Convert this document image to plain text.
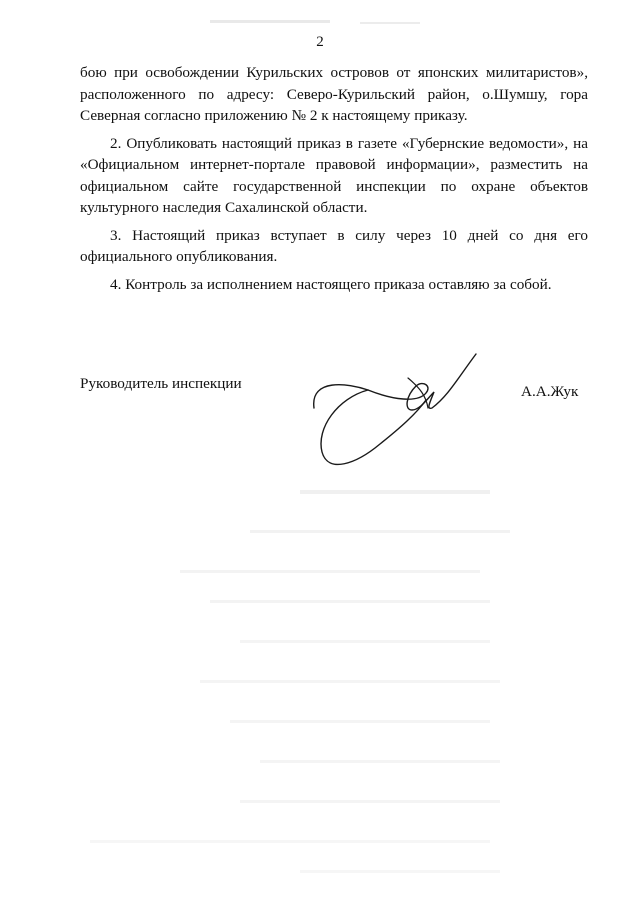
2

бою при освобождении Курильских островов от японских милитаристов», расположенного по адресу: Северо-Курильский район, о.Шумшу, гора Северная согласно приложению № 2 к настоящему приказу.

2. Опубликовать настоящий приказ в газете «Губернские ведомости», на «Официальном интернет-портале правовой информации», разместить на официальном сайте государственной инспекции по охране объектов культурного наследия Сахалинской области.

3. Настоящий приказ вступает в силу через 10 дней со дня его официального опубликования.

4. Контроль за исполнением настоящего приказа оставляю за собой.

Руководитель инспекции	А.А.Жук
